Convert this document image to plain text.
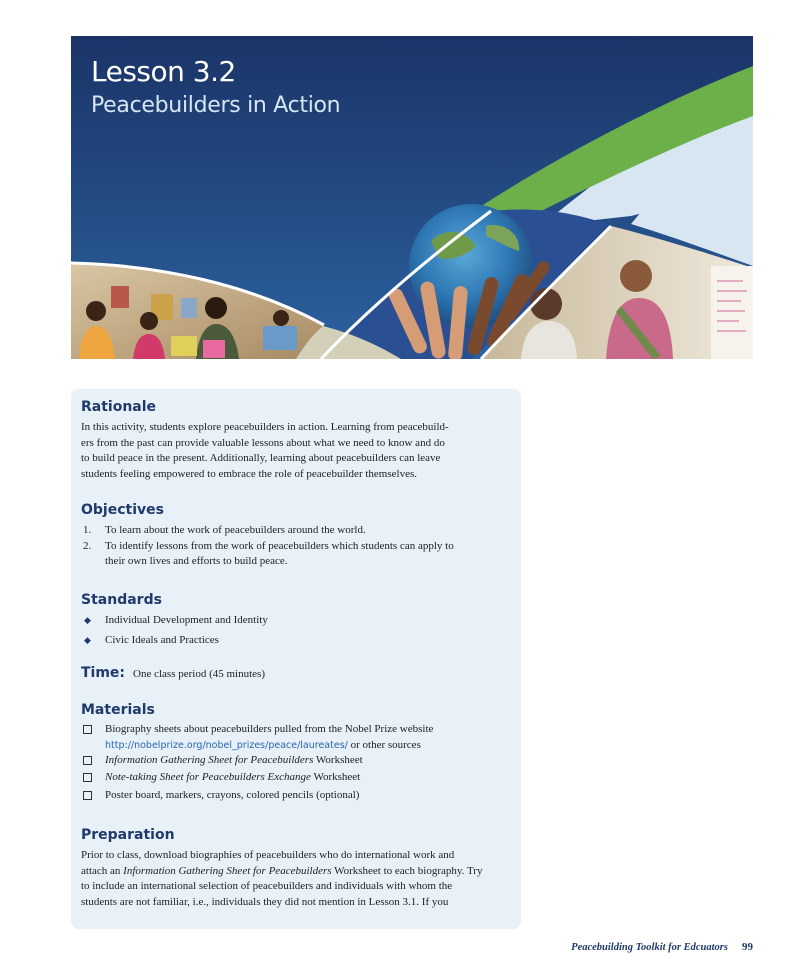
Lesson 3.2
Peacebuilders in Action
Rationale
In this activity, students explore peacebuilders in action. Learning from peacebuild-
ers from the past can provide valuable lessons about what we need to know and do
to build peace in the present. Additionally, learning about peacebuilders can leave
students feeling empowered to embrace the role of peacebuilder themselves.
Objectives
1. To learn about the work of peacebuilders around the world.
2. To identify lessons from the work of peacebuilders which students can apply to
their own lives and efforts to build peace.
Standards
◆ Individual Development and Identity
◆ Civic Ideals and Practices
Time: One class period (45 minutes)
Materials
Biography sheets about peacebuilders pulled from the Nobel Prize website
http://nobelprize.org/nobel_prizes/peace/laureates/ or other sources
Information Gathering Sheet for Peacebuilders Worksheet
Note-taking Sheet for Peacebuilders Exchange Worksheet
Poster board, markers, crayons, colored pencils (optional)
Preparation
Prior to class, download biographies of peacebuilders who do international work and
attach an Information Gathering Sheet for Peacebuilders Worksheet to each biography. Try
to include an international selection of peacebuilders and individuals with whom the
students are not familiar, i.e., individuals they did not mention in Lesson 3.1. If you
Peacebuilding Toolkit for Edcuators 99
